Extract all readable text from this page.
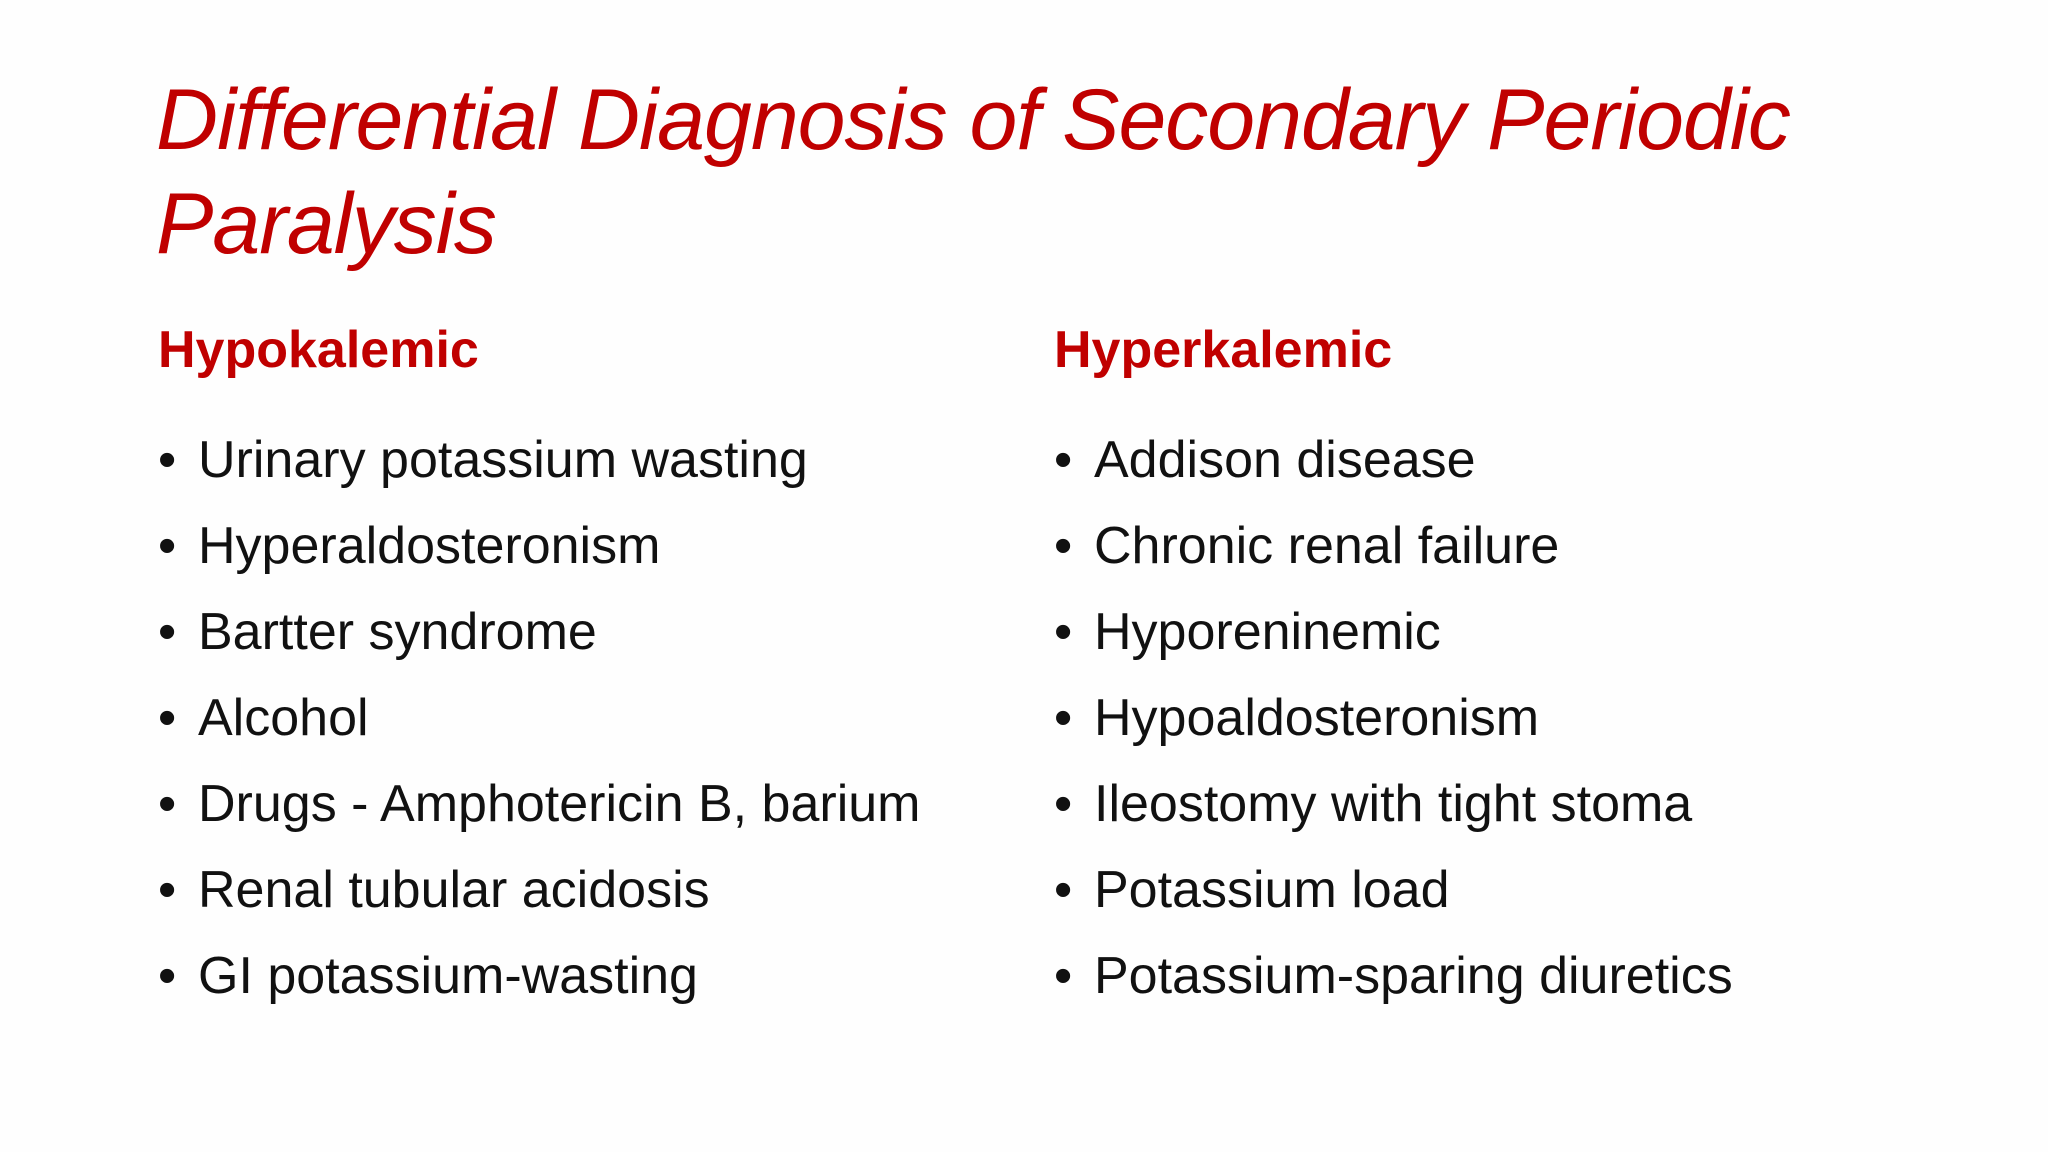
Differential Diagnosis of Secondary Periodic
Paralysis
Hypokalemic	Hyperkalemic
• Urinary potassium wasting
• Hyperaldosteronism
• Bartter syndrome
• Alcohol
• Drugs - Amphotericin B, barium
• Renal tubular acidosis
• GI potassium-wasting
• Addison disease
• Chronic renal failure
• Hyporeninemic
• Hypoaldosteronism
• Ileostomy with tight stoma
• Potassium load
• Potassium-sparing diuretics
